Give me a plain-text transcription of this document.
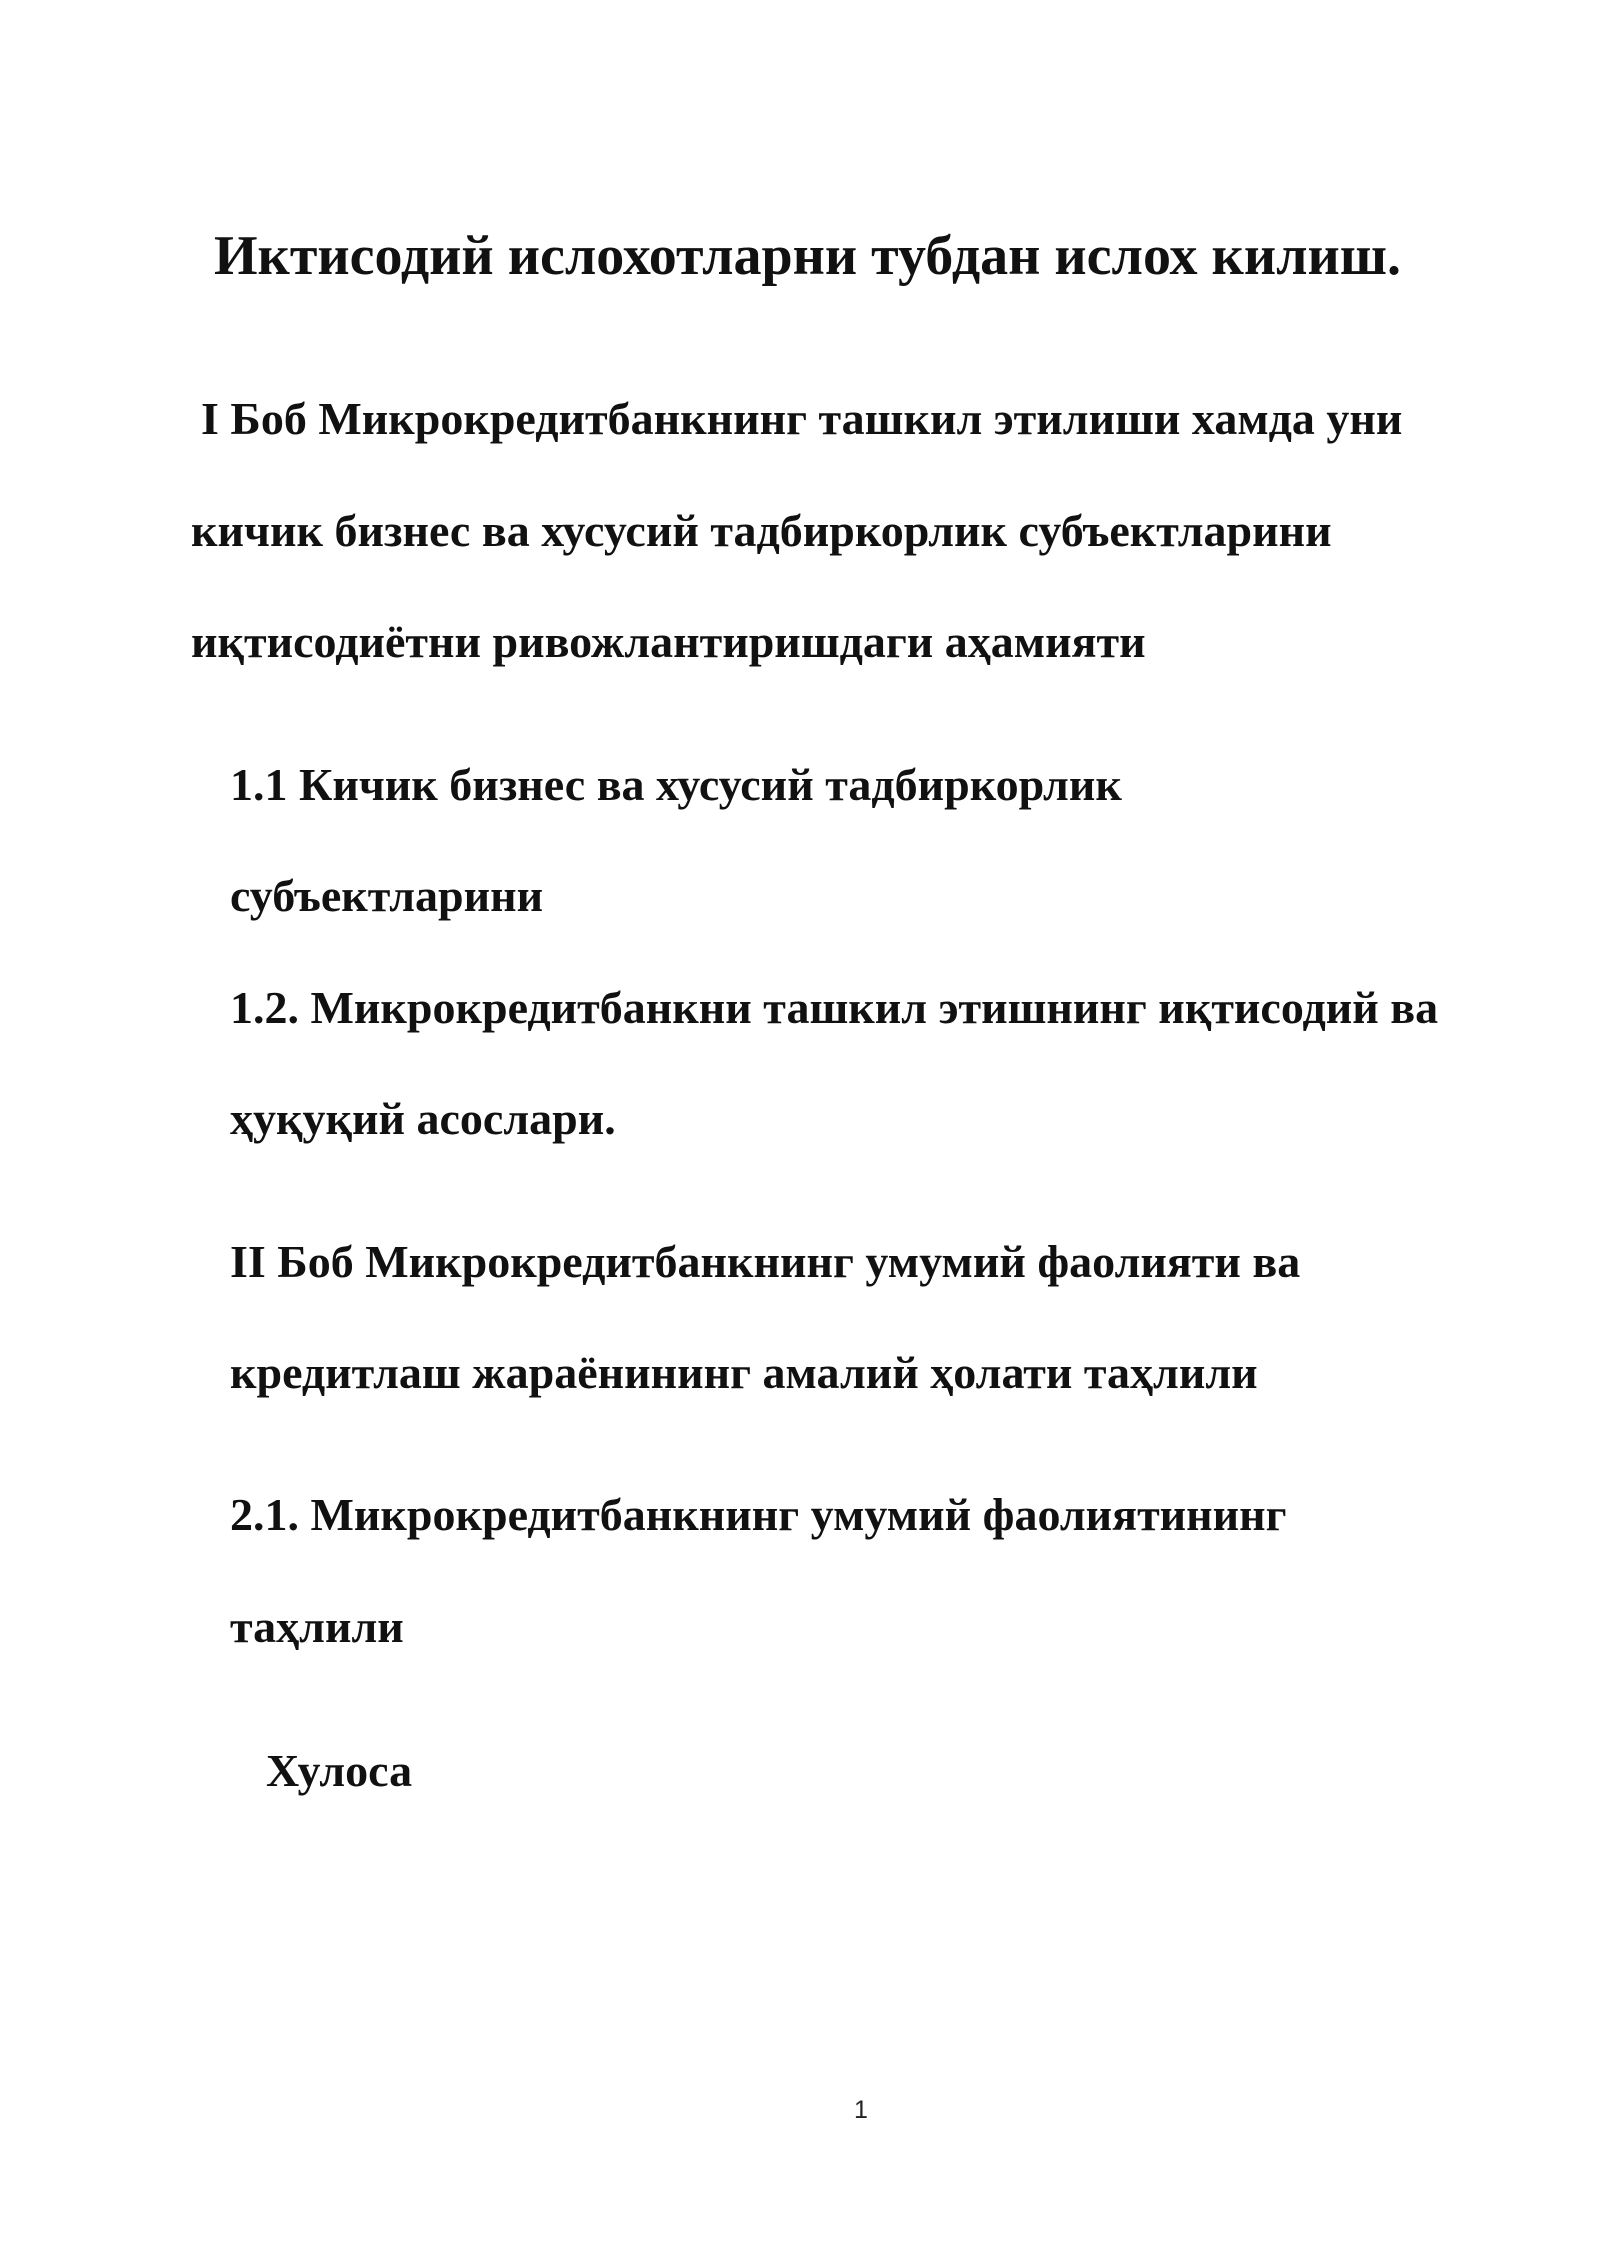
Иктисодий ислохотларни тубдан ислох килиш.
I Боб Микрокредитбанкнинг ташкил этилиши хамда уни
кичик бизнес ва хусусий тадбиркорлик субъектларини
иқтисодиётни ривожлантиришдаги аҳамияти
1.1 Кичик бизнес ва хусусий тадбиркорлик
субъектларини
1.2. Микрокредитбанкни ташкил этишнинг иқтисодий ва
ҳуқуқий асослари.
II Боб Микрокредитбанкнинг умумий фаолияти ва
кредитлаш жараёнининг амалий ҳолати таҳлили
2.1. Микрокредитбанкнинг умумий фаолиятининг
таҳлили
Хулоса
1
